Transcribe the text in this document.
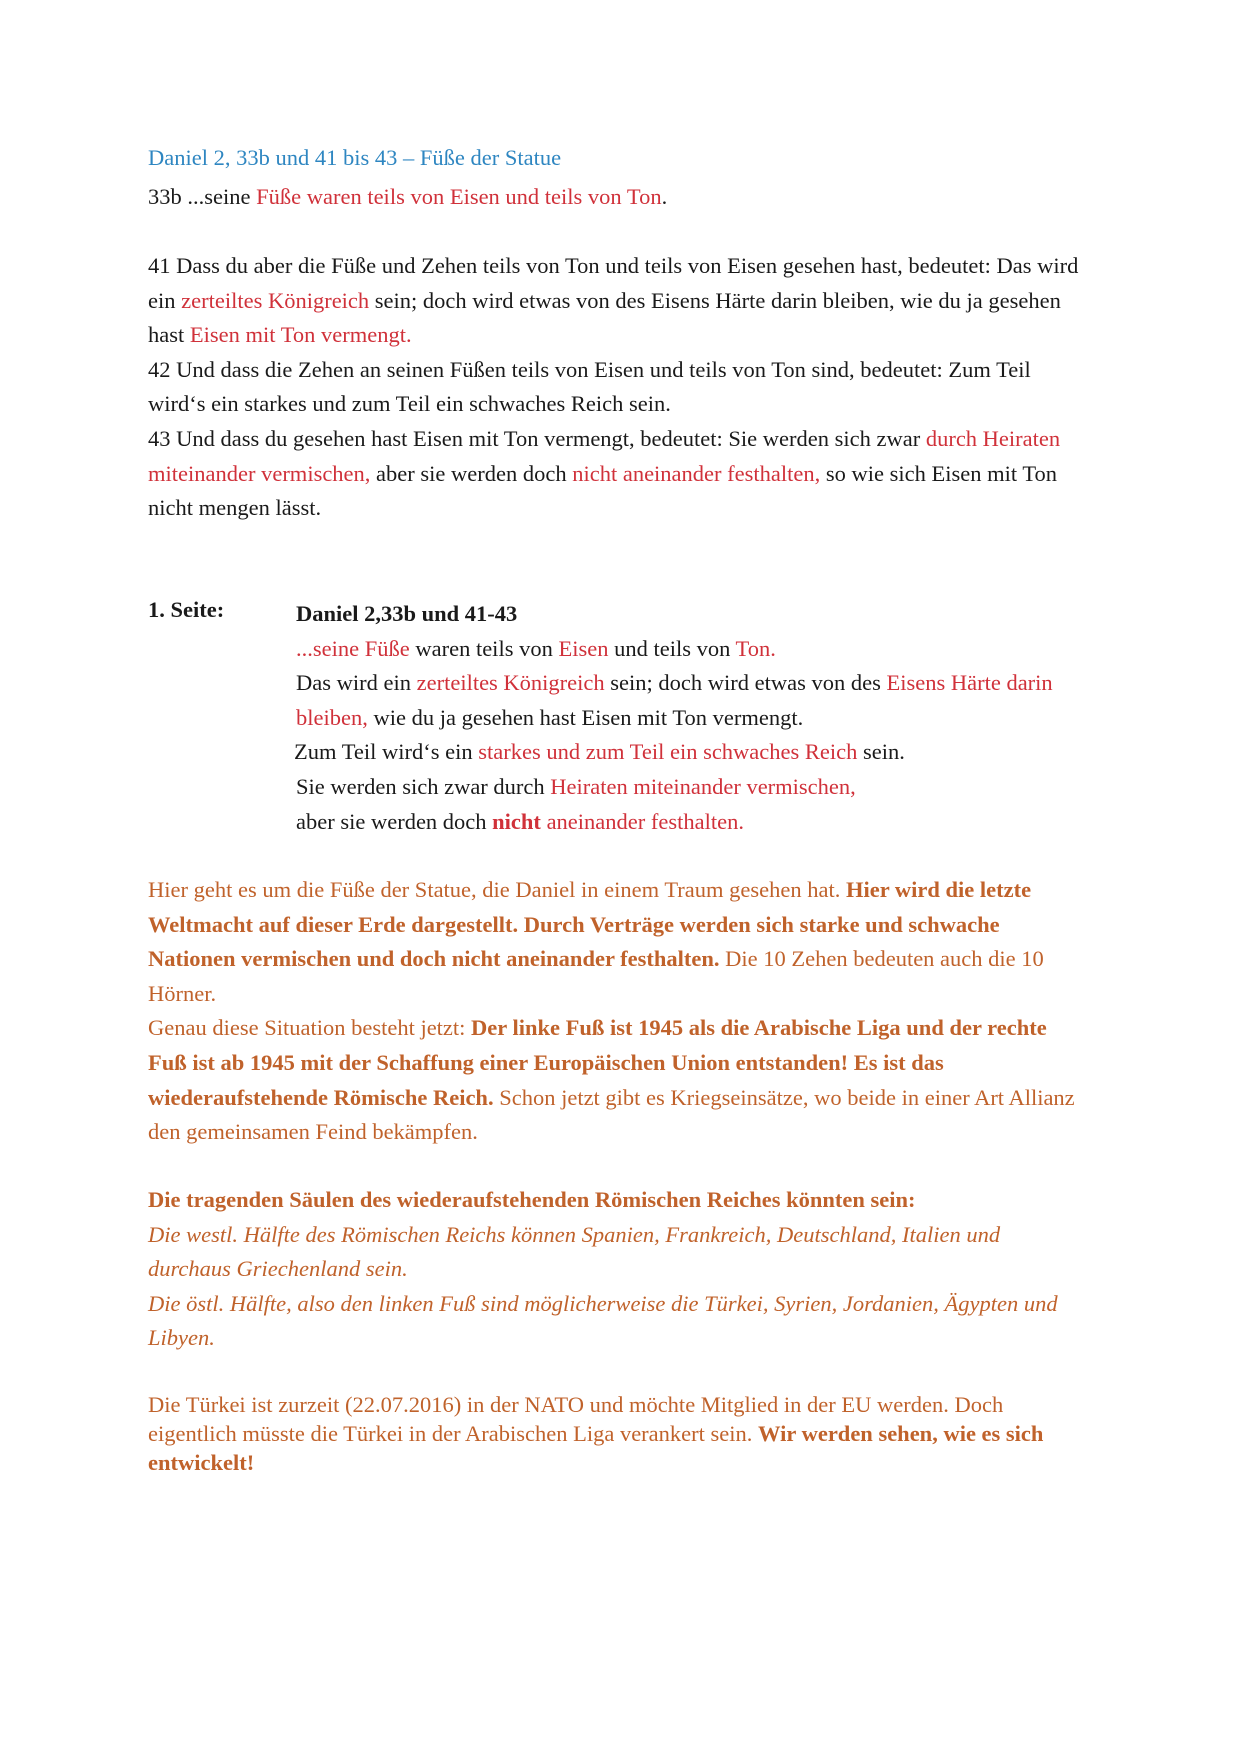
Daniel 2, 33b und 41 bis 43 – Füße der Statue
33b ...seine Füße waren teils von Eisen und teils von Ton.
41 Dass du aber die Füße und Zehen teils von Ton und teils von Eisen gesehen hast, bedeutet: Das wird
ein zerteiltes Königreich sein; doch wird etwas von des Eisens Härte darin bleiben, wie du ja gesehen
hast Eisen mit Ton vermengt.
42 Und dass die Zehen an seinen Füßen teils von Eisen und teils von Ton sind, bedeutet: Zum Teil
wird‘s ein starkes und zum Teil ein schwaches Reich sein.
43 Und dass du gesehen hast Eisen mit Ton vermengt, bedeutet: Sie werden sich zwar durch Heiraten
miteinander vermischen, aber sie werden doch nicht aneinander festhalten, so wie sich Eisen mit Ton
nicht mengen lässt.
1. Seite:	Daniel 2,33b und 41-43
...seine Füße waren teils von Eisen und teils von Ton.
Das wird ein zerteiltes Königreich sein; doch wird etwas von des Eisens Härte darin
bleiben, wie du ja gesehen hast Eisen mit Ton vermengt.
Zum Teil wird‘s ein starkes und zum Teil ein schwaches Reich sein.
Sie werden sich zwar durch Heiraten miteinander vermischen,
aber sie werden doch nicht aneinander festhalten.
Hier geht es um die Füße der Statue, die Daniel in einem Traum gesehen hat. Hier wird die letzte
Weltmacht auf dieser Erde dargestellt. Durch Verträge werden sich starke und schwache
Nationen vermischen und doch nicht aneinander festhalten. Die 10 Zehen bedeuten auch die 10
Hörner.
Genau diese Situation besteht jetzt: Der linke Fuß ist 1945 als die Arabische Liga und der rechte
Fuß ist ab 1945 mit der Schaffung einer Europäischen Union entstanden! Es ist das
wiederaufstehende Römische Reich. Schon jetzt gibt es Kriegseinsätze, wo beide in einer Art Allianz
den gemeinsamen Feind bekämpfen.
Die tragenden Säulen des wiederaufstehenden Römischen Reiches könnten sein:
Die westl. Hälfte des Römischen Reichs können Spanien, Frankreich, Deutschland, Italien und
durchaus Griechenland sein.
Die östl. Hälfte, also den linken Fuß sind möglicherweise die Türkei, Syrien, Jordanien, Ägypten und
Libyen.
Die Türkei ist zurzeit (22.07.2016) in der NATO und möchte Mitglied in der EU werden. Doch
eigentlich müsste die Türkei in der Arabischen Liga verankert sein. Wir werden sehen, wie es sich
entwickelt!
